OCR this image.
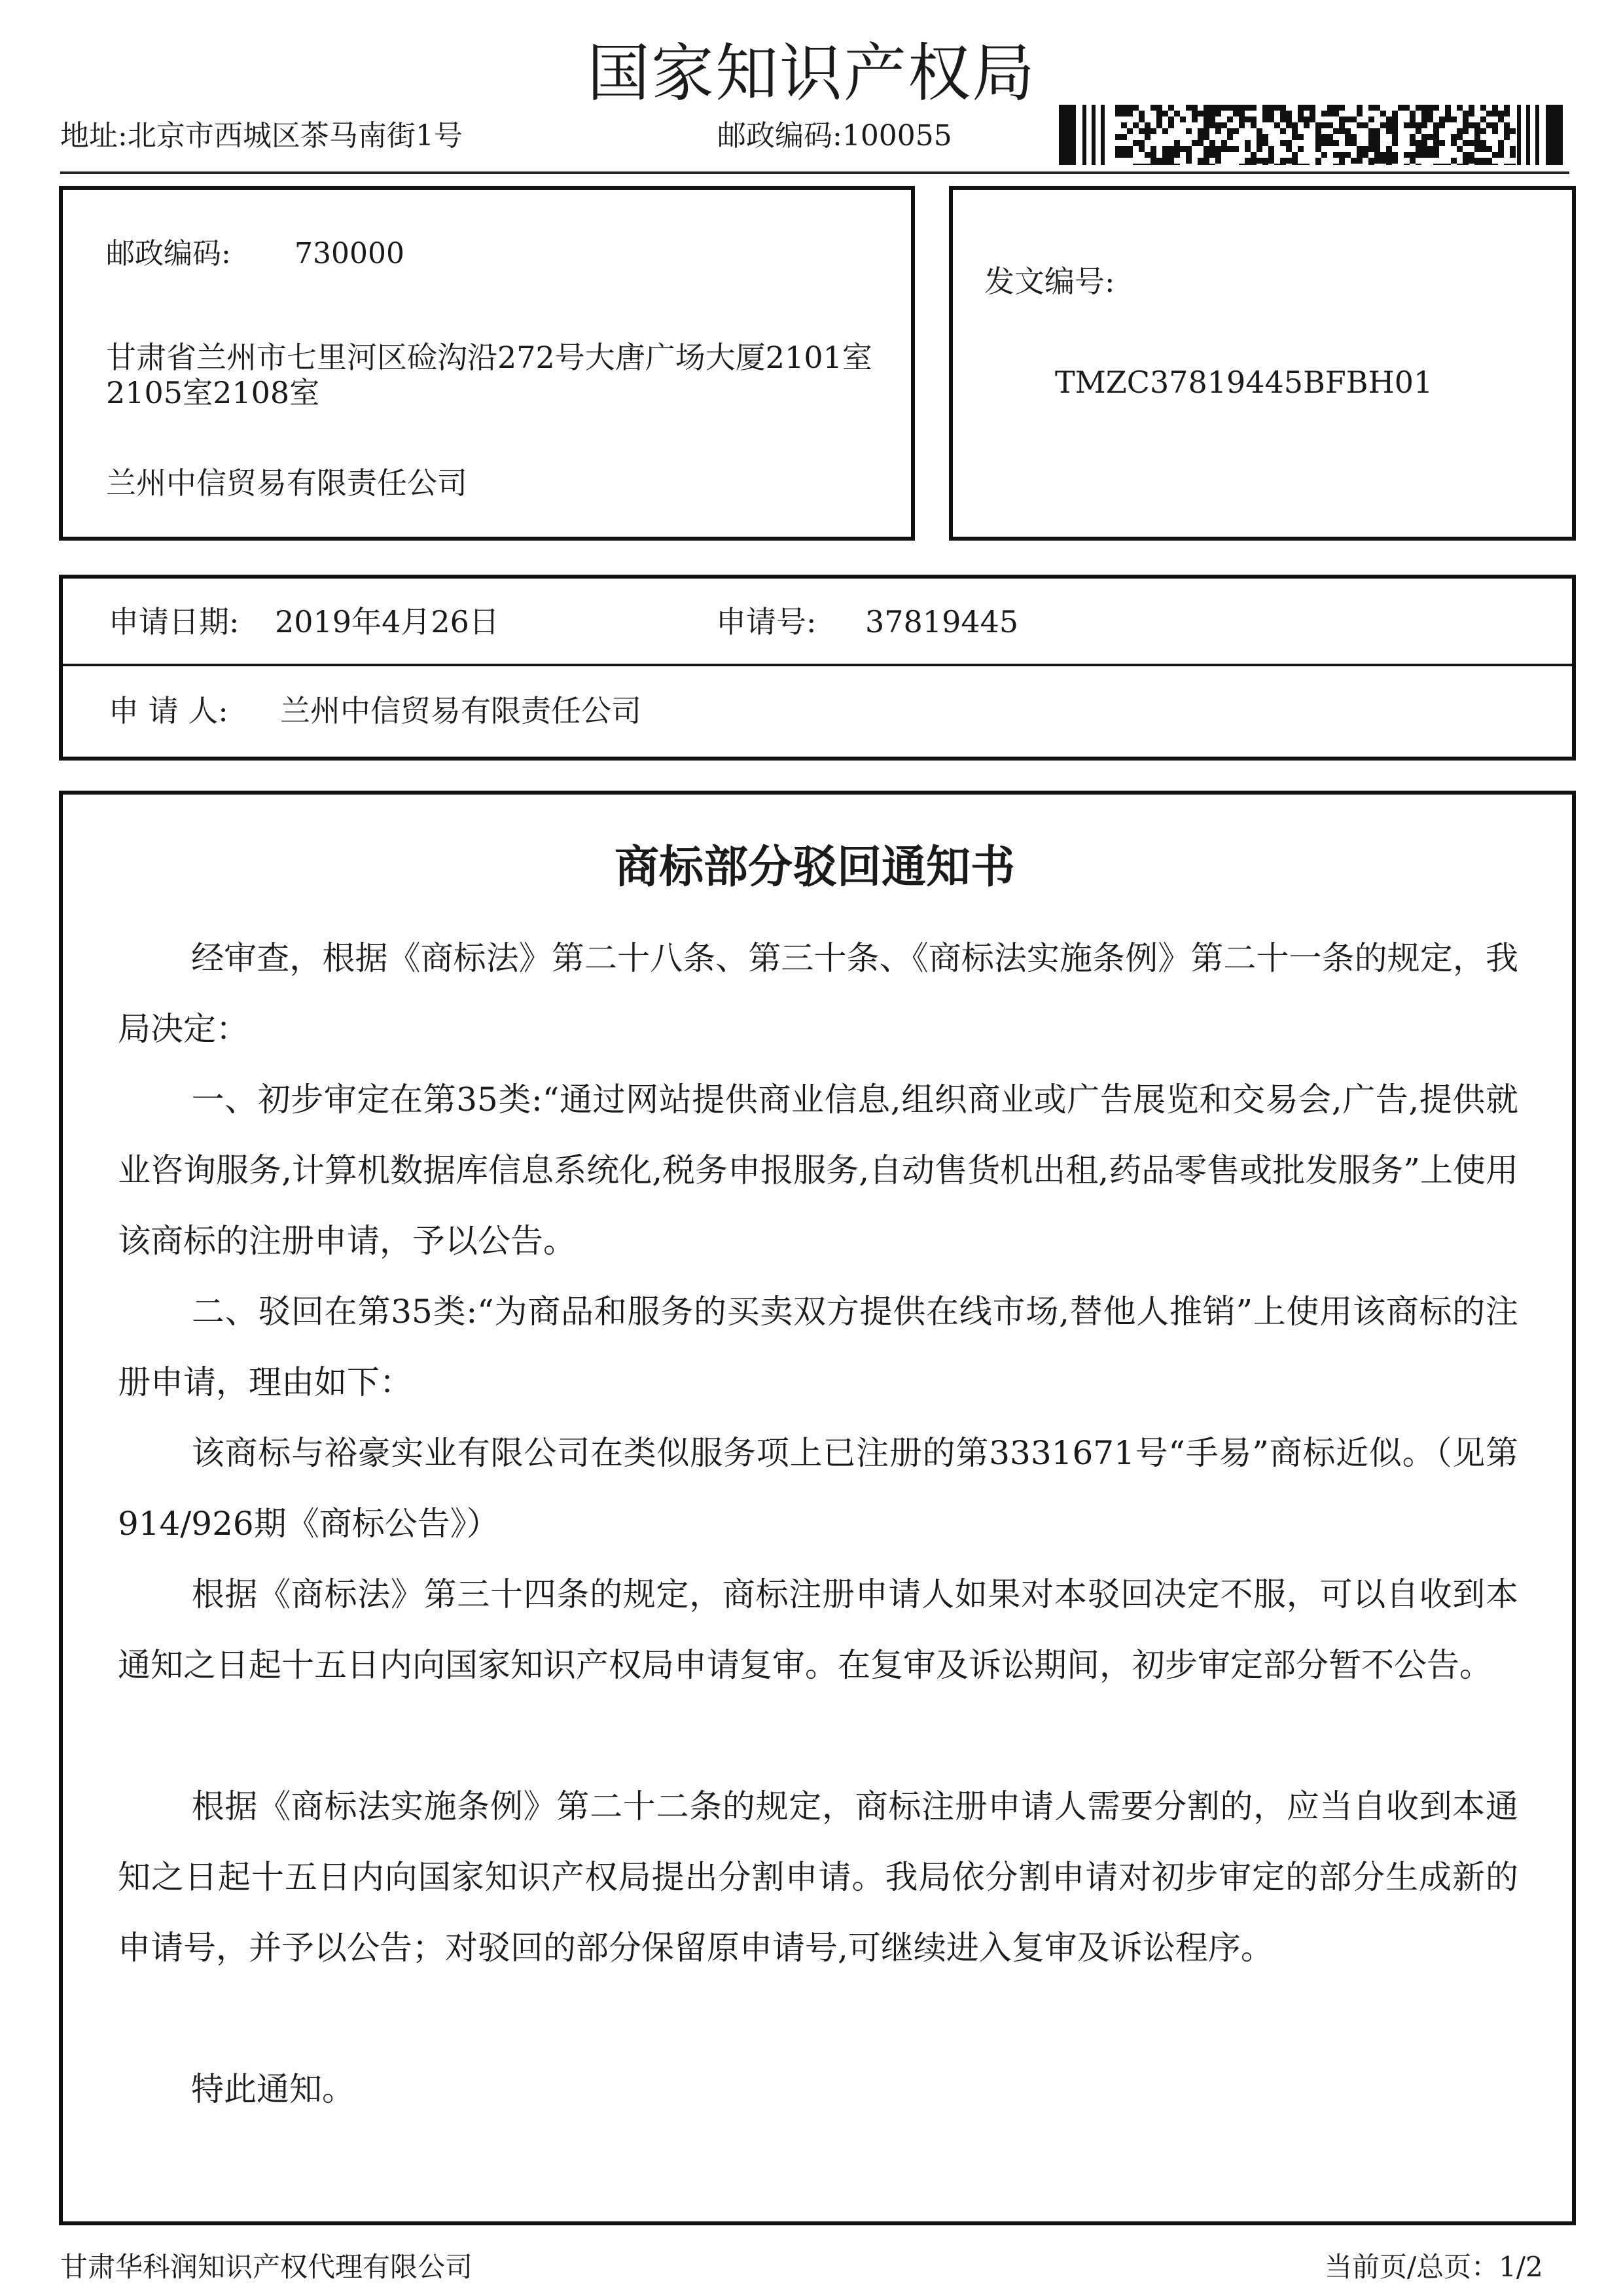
国家知识产权局
地址:北京市西城区茶马南街1号	邮政编码:100055
邮政编码: 730000
甘肃省兰州市七里河区硷沟沿272号大唐广场大厦2101室
2105室2108室
兰州中信贸易有限责任公司
发文编号:
TMZC37819445BFBH01
申请日期: 2019年4月26日	申请号: 37819445
申 请 人: 兰州中信贸易有限责任公司
商标部分驳回通知书
经审查，根据《商标法》第二十八条、第三十条、《商标法实施条例》第二十一条的规定，我局决定：
一、初步审定在第35类:“通过网站提供商业信息,组织商业或广告展览和交易会,广告,提供就业咨询服务,计算机数据库信息系统化,税务申报服务,自动售货机出租,药品零售或批发服务”上使用该商标的注册申请，予以公告。
二、驳回在第35类:“为商品和服务的买卖双方提供在线市场,替他人推销”上使用该商标的注册申请，理由如下：
该商标与裕豪实业有限公司在类似服务项上已注册的第3331671号“手易”商标近似。（见第914/926期《商标公告》）
根据《商标法》第三十四条的规定，商标注册申请人如果对本驳回决定不服，可以自收到本通知之日起十五日内向国家知识产权局申请复审。在复审及诉讼期间，初步审定部分暂不公告。
根据《商标法实施条例》第二十二条的规定，商标注册申请人需要分割的，应当自收到本通知之日起十五日内向国家知识产权局提出分割申请。我局依分割申请对初步审定的部分生成新的申请号，并予以公告；对驳回的部分保留原申请号,可继续进入复审及诉讼程序。
特此通知。
甘肃华科润知识产权代理有限公司	当前页/总页：1/2
